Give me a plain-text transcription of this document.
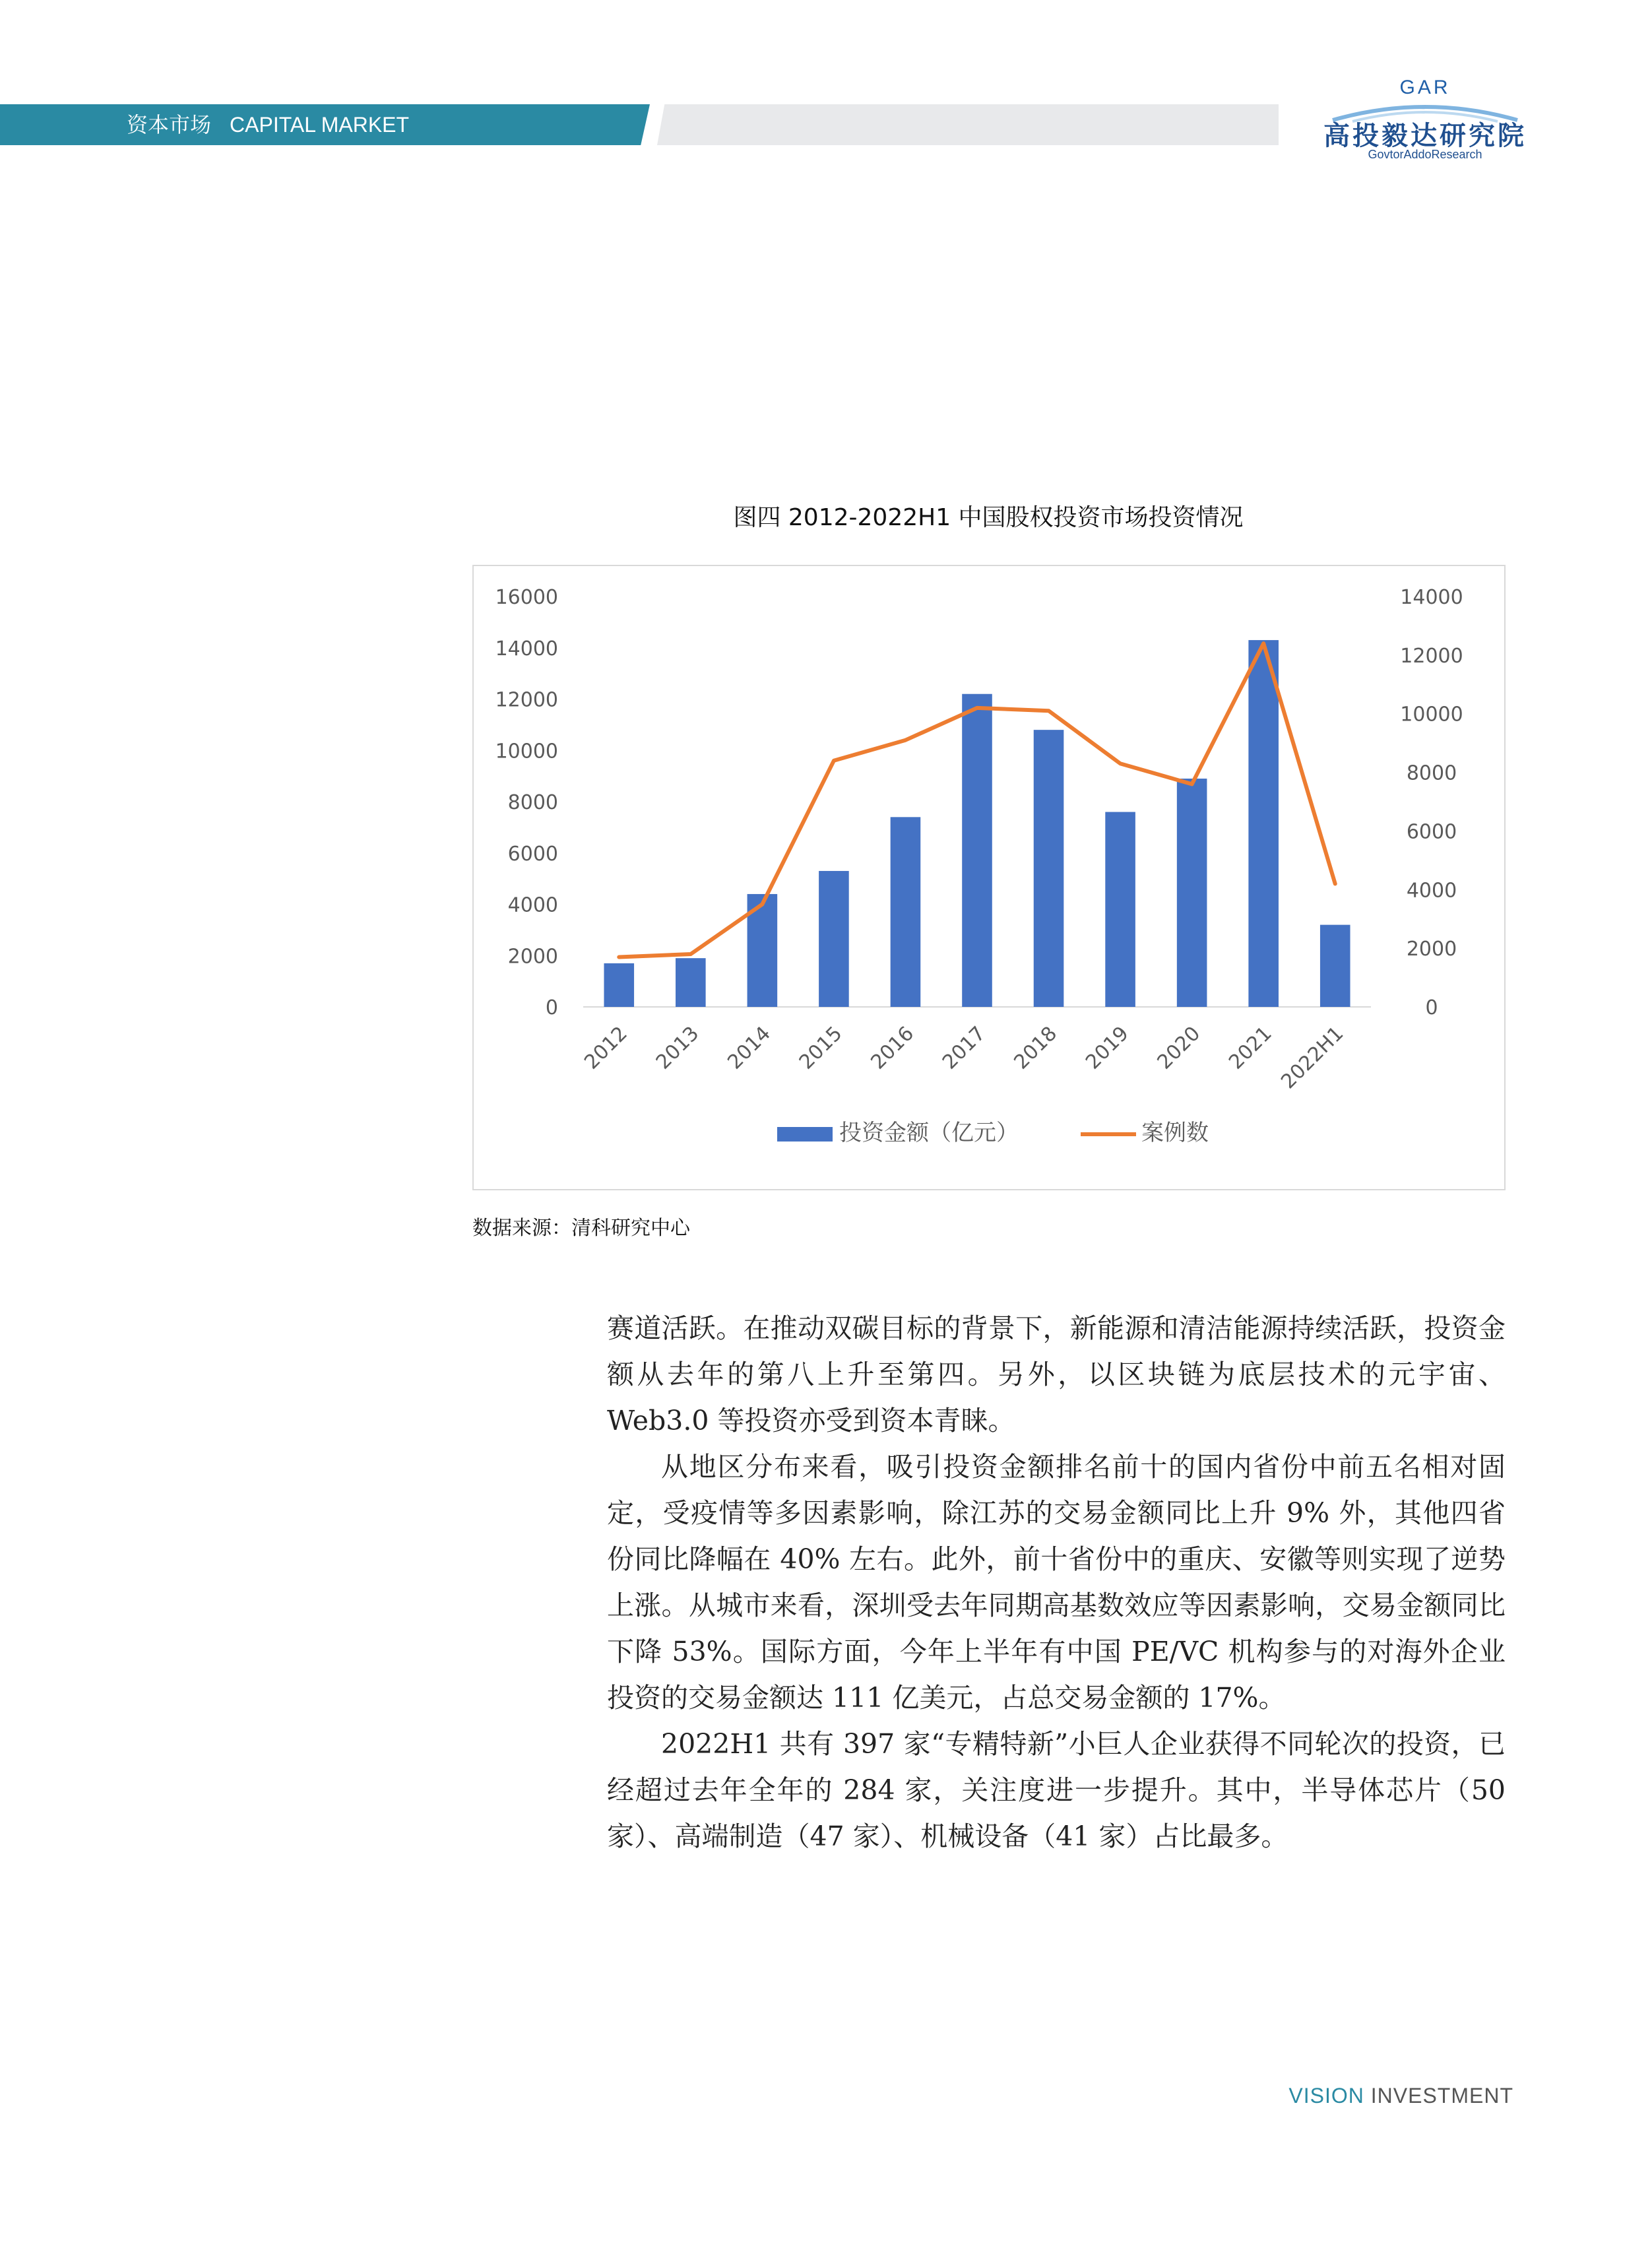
资本市场 CAPITAL MARKET
GAR
高投毅达研究院
GovtorAddoResearch
图四 2012-2022H1 中国股权投资市场投资情况
0
2000
4000
6000
8000
10000
12000
14000
16000
0
2000
4000
6000
8000
10000
12000
14000
2012 2013 2014 2015 2016 2017 2018 2019 2020 2021 2022H1
投资金额（亿元）	案例数
数据来源：清科研究中心

赛道活跃。在推动双碳目标的背景下，新能源和清洁能源持续活跃，投资金额从去年的第八上升至第四。另外，以区块链为底层技术的元宇宙、Web3.0 等投资亦受到资本青睐。

从地区分布来看，吸引投资金额排名前十的国内省份中前五名相对固定，受疫情等多因素影响，除江苏的交易金额同比上升 9% 外，其他四省份同比降幅在 40% 左右。此外，前十省份中的重庆、安徽等则实现了逆势上涨。从城市来看，深圳受去年同期高基数效应等因素影响，交易金额同比下降 53%。国际方面，今年上半年有中国 PE/VC 机构参与的对海外企业投资的交易金额达 111 亿美元，占总交易金额的 17%。

2022H1 共有 397 家“专精特新”小巨人企业获得不同轮次的投资，已经超过去年全年的 284 家，关注度进一步提升。其中，半导体芯片（50 家）、高端制造（47 家）、机械设备（41 家）占比最多。

VISION INVESTMENT
